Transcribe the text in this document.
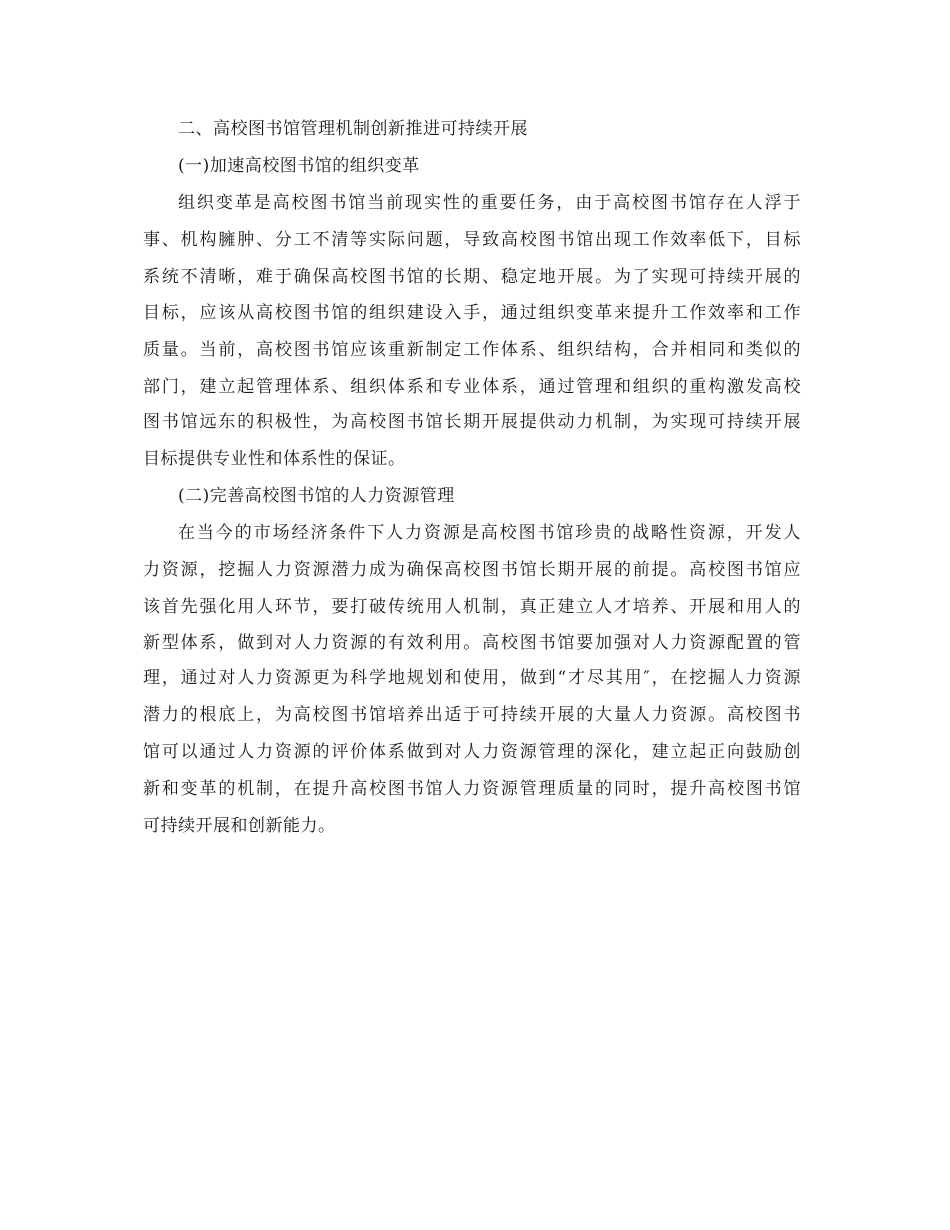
二、高校图书馆管理机制创新推进可持续开展
(一)加速高校图书馆的组织变革
组织变革是高校图书馆当前现实性的重要任务，由于高校图书馆存在人浮于
事、机构臃肿、分工不清等实际问题，导致高校图书馆出现工作效率低下，目标
系统不清晰，难于确保高校图书馆的长期、稳定地开展。为了实现可持续开展的
目标，应该从高校图书馆的组织建设入手，通过组织变革来提升工作效率和工作
质量。当前，高校图书馆应该重新制定工作体系、组织结构，合并相同和类似的
部门，建立起管理体系、组织体系和专业体系，通过管理和组织的重构激发高校
图书馆远东的积极性，为高校图书馆长期开展提供动力机制，为实现可持续开展
目标提供专业性和体系性的保证。
(二)完善高校图书馆的人力资源管理
在当今的市场经济条件下人力资源是高校图书馆珍贵的战略性资源，开发人
力资源，挖掘人力资源潜力成为确保高校图书馆长期开展的前提。高校图书馆应
该首先强化用人环节，要打破传统用人机制，真正建立人才培养、开展和用人的
新型体系，做到对人力资源的有效利用。高校图书馆要加强对人力资源配置的管
理，通过对人力资源更为科学地规划和使用，做到“才尽其用″，在挖掘人力资源
潜力的根底上，为高校图书馆培养出适于可持续开展的大量人力资源。高校图书
馆可以通过人力资源的评价体系做到对人力资源管理的深化，建立起正向鼓励创
新和变革的机制，在提升高校图书馆人力资源管理质量的同时，提升高校图书馆
可持续开展和创新能力。
